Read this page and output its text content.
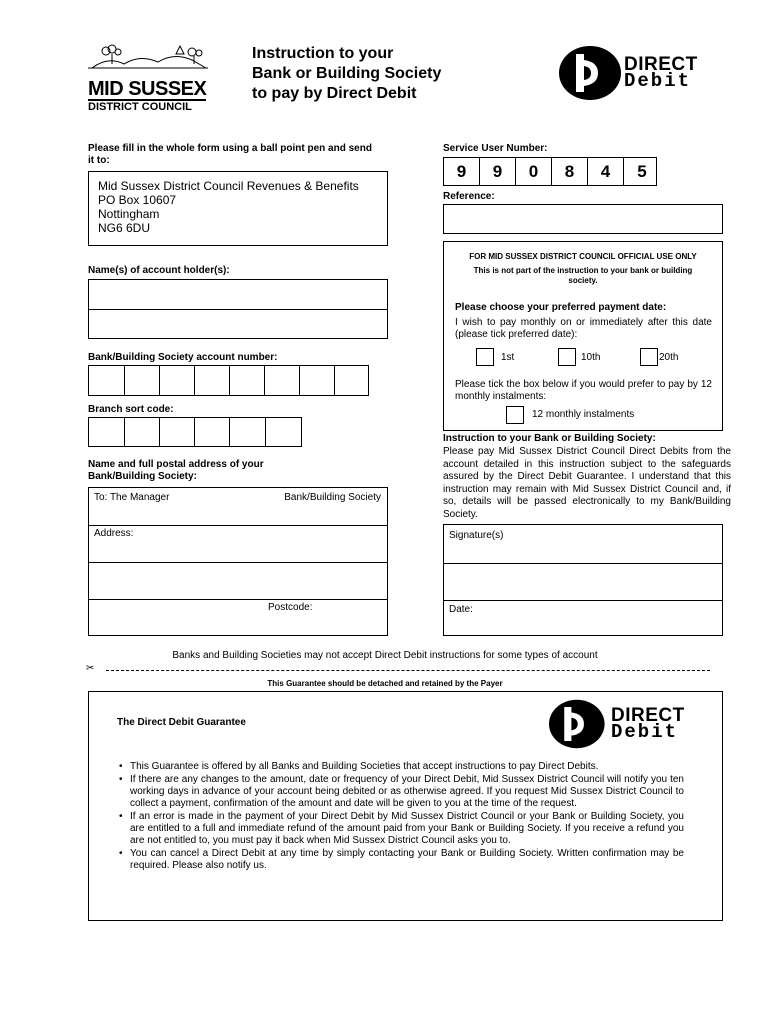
MID SUSSEX
DISTRICT COUNCIL
Instruction to your
Bank or Building Society
to pay by Direct Debit
DIRECT
Debit
Please fill in the whole form using a ball point pen and send it to:
Mid Sussex District Council Revenues & Benefits
PO Box 10607
Nottingham
NG6 6DU
Name(s) of account holder(s):
Bank/Building Society account number:
Branch sort code:
Name and full postal address of your Bank/Building Society:
To: The Manager	Bank/Building Society
Address:
Postcode:
Service User Number:
9	9	0	8	4	5
Reference:
FOR MID SUSSEX DISTRICT COUNCIL OFFICIAL USE ONLY
This is not part of the instruction to your bank or building society.
Please choose your preferred payment date:
I wish to pay monthly on or immediately after this date (please tick preferred date):
1st	10th	20th
Please tick the box below if you would prefer to pay by 12 monthly instalments:
12 monthly instalments
Instruction to your Bank or Building Society:
Please pay Mid Sussex District Council Direct Debits from the account detailed in this instruction subject to the safeguards assured by the Direct Debit Guarantee. I understand that this instruction may remain with Mid Sussex District Council and, if so, details will be passed electronically to my Bank/Building Society.
Signature(s)
Date:
Banks and Building Societies may not accept Direct Debit instructions for some types of account
✂
This Guarantee should be detached and retained by the Payer
The Direct Debit Guarantee	DIRECT
Debit
• This Guarantee is offered by all Banks and Building Societies that accept instructions to pay Direct Debits.
• If there are any changes to the amount, date or frequency of your Direct Debit, Mid Sussex District Council will notify you ten working days in advance of your account being debited or as otherwise agreed. If you request Mid Sussex District Council to collect a payment, confirmation of the amount and date will be given to you at the time of the request.
• If an error is made in the payment of your Direct Debit by Mid Sussex District Council or your Bank or Building Society, you are entitled to a full and immediate refund of the amount paid from your Bank or Building Society. If you receive a refund you are not entitled to, you must pay it back when Mid Sussex District Council asks you to.
• You can cancel a Direct Debit at any time by simply contacting your Bank or Building Society. Written confirmation may be required. Please also notify us.
